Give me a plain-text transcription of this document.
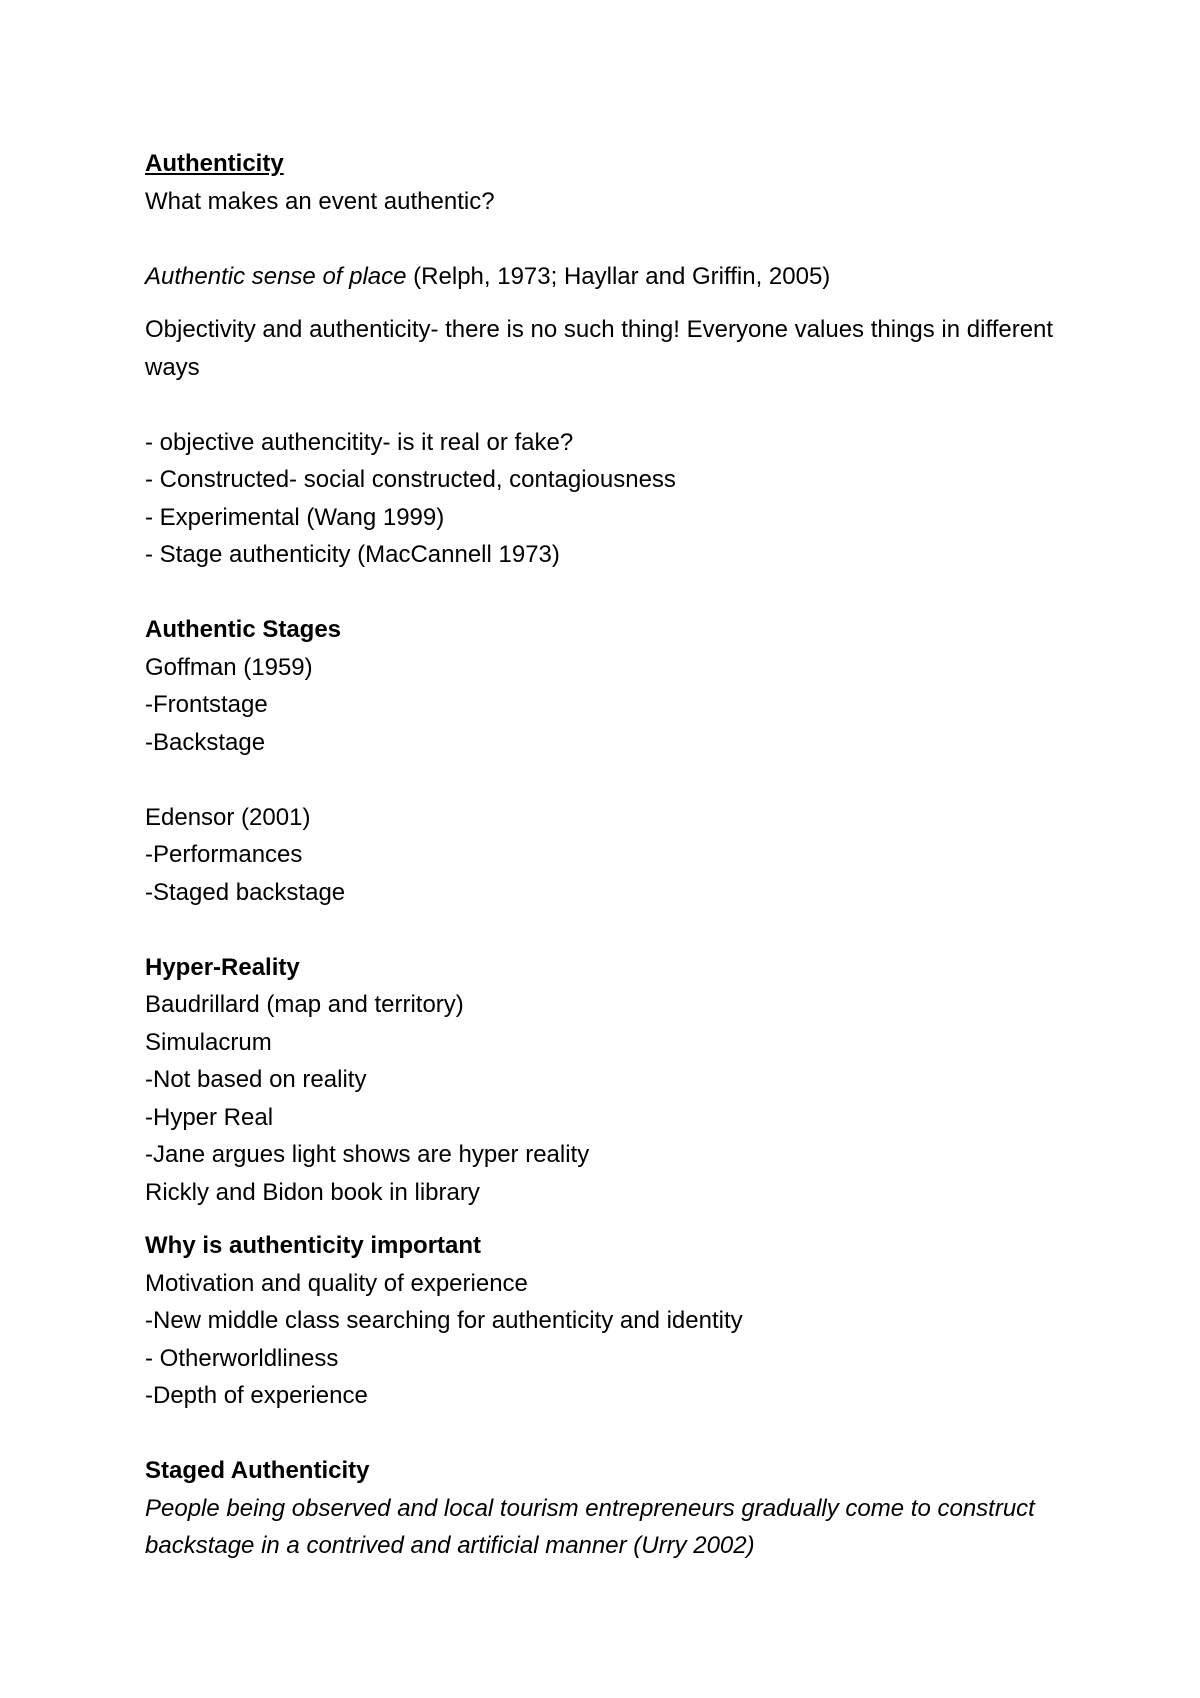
Authenticity
What makes an event authentic?
Authentic sense of place (Relph, 1973; Hayllar and Griffin, 2005)
Objectivity and authenticity- there is no such thing! Everyone values things in different ways
- objective authencitity- is it real or fake?
- Constructed- social constructed, contagiousness
- Experimental (Wang 1999)
- Stage authenticity (MacCannell 1973)
Authentic Stages
Goffman (1959)
-Frontstage
-Backstage
Edensor (2001)
-Performances
-Staged backstage
Hyper-Reality
Baudrillard (map and territory)
Simulacrum
-Not based on reality
-Hyper Real
-Jane argues light shows are hyper reality
Rickly and Bidon book in library
Why is authenticity important
Motivation and quality of experience
-New middle class searching for authenticity and identity
- Otherworldliness
-Depth of experience
Staged Authenticity
People being observed and local tourism entrepreneurs gradually come to construct backstage in a contrived and artificial manner (Urry 2002)
